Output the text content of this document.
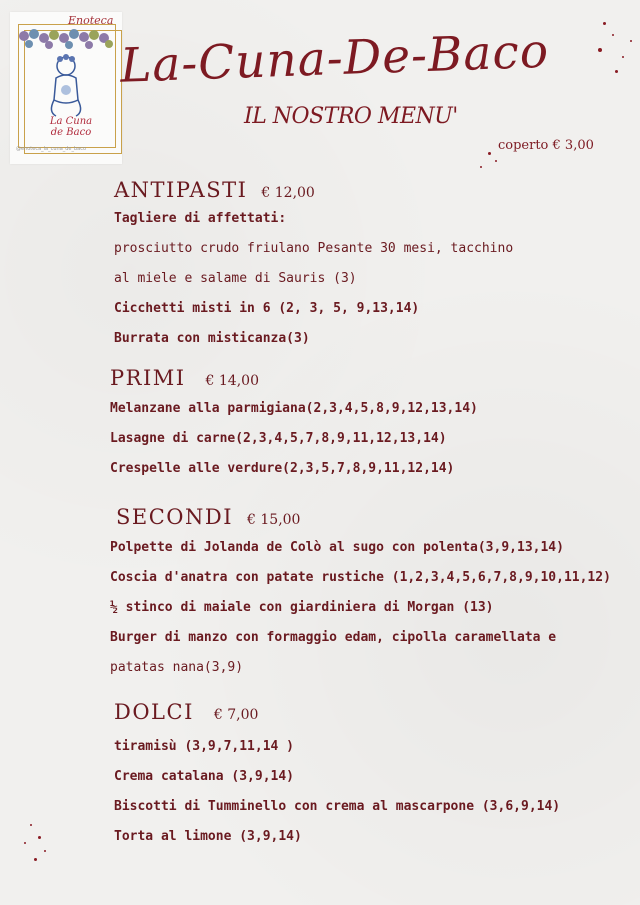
La Cuna
de Baco
Enoteca
@enoteca_la_cuna_de_baco
La-Cuna-De-Baco
IL NOSTRO MENU'
coperto € 3,00
ANTIPASTI € 12,00
Tagliere di affettati:
prosciutto crudo friulano Pesante 30 mesi, tacchino
al miele e salame di Sauris (3)
Cicchetti misti in 6 (2, 3, 5, 9,13,14)
Burrata con misticanza(3)
PRIMI € 14,00
Melanzane alla parmigiana(2,3,4,5,8,9,12,13,14)
Lasagne di carne(2,3,4,5,7,8,9,11,12,13,14)
Crespelle alle verdure(2,3,5,7,8,9,11,12,14)
SECONDI € 15,00
Polpette di Jolanda de Colò al sugo con polenta(3,9,13,14)
Coscia d'anatra con patate rustiche (1,2,3,4,5,6,7,8,9,10,11,12)
½ stinco di maiale con giardiniera di Morgan (13)
Burger di manzo con formaggio edam, cipolla caramellata e
patatas nana(3,9)
DOLCI € 7,00
tiramisù (3,9,7,11,14 )
Crema catalana (3,9,14)
Biscotti di Tumminello con crema al mascarpone (3,6,9,14)
Torta al limone (3,9,14)
